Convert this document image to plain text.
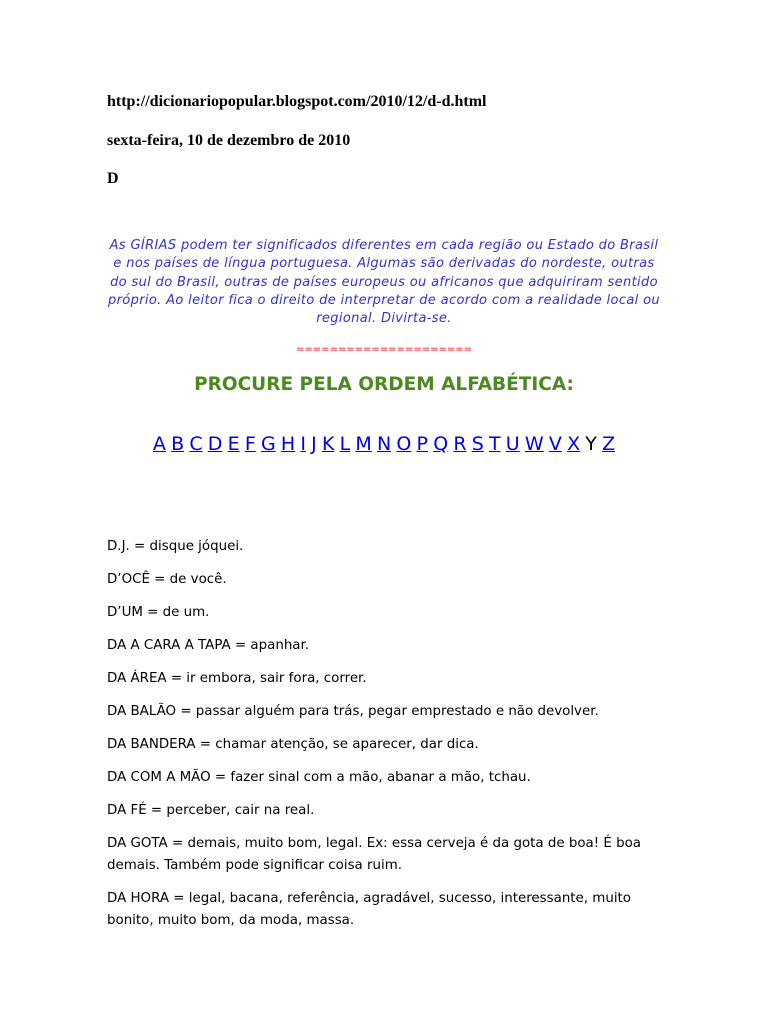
http://dicionariopopular.blogspot.com/2010/12/d-d.html

sexta-feira, 10 de dezembro de 2010

D

As GÍRIAS podem ter significados diferentes em cada região ou Estado do Brasil e nos países de língua portuguesa. Algumas são derivadas do nordeste, outras do sul do Brasil, outras de países europeus ou africanos que adquiriram sentido próprio. Ao leitor fica o direito de interpretar de acordo com a realidade local ou regional. Divirta-se.

=====================

PROCURE PELA ORDEM ALFABÉTICA:

A B C D E F G H I J K L M N O P Q R S T U W V X Y Z

D.J. = disque jóquei.
D’OCÊ = de você.
D’UM = de um.
DA A CARA A TAPA = apanhar.
DA ÁREA = ir embora, sair fora, correr.
DA BALÃO = passar alguém para trás, pegar emprestado e não devolver.
DA BANDERA = chamar atenção, se aparecer, dar dica.
DA COM A MÃO = fazer sinal com a mão, abanar a mão, tchau.
DA FÉ = perceber, cair na real.
DA GOTA = demais, muito bom, legal. Ex: essa cerveja é da gota de boa! É boa demais. Também pode significar coisa ruim.
DA HORA = legal, bacana, referência, agradável, sucesso, interessante, muito bonito, muito bom, da moda, massa.
